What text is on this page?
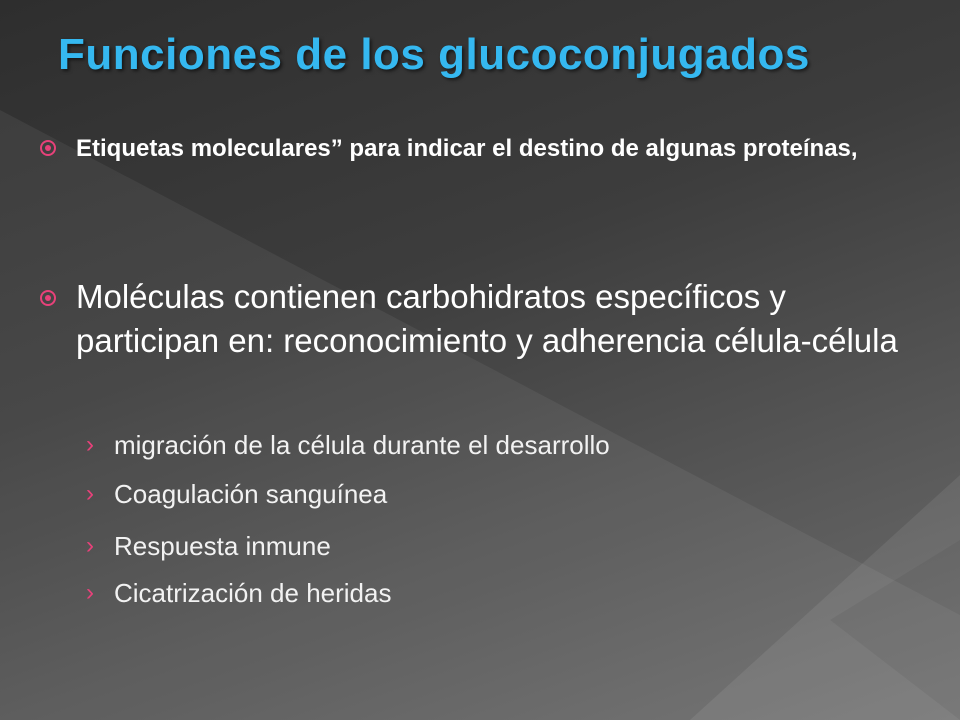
Funciones de los glucoconjugados
Etiquetas moleculares” para indicar el destino de algunas proteínas,
Moléculas contienen carbohidratos específicos y participan en: reconocimiento y adherencia célula-célula
› migración de la célula durante el desarrollo
› Coagulación sanguínea
› Respuesta inmune
› Cicatrización de heridas
